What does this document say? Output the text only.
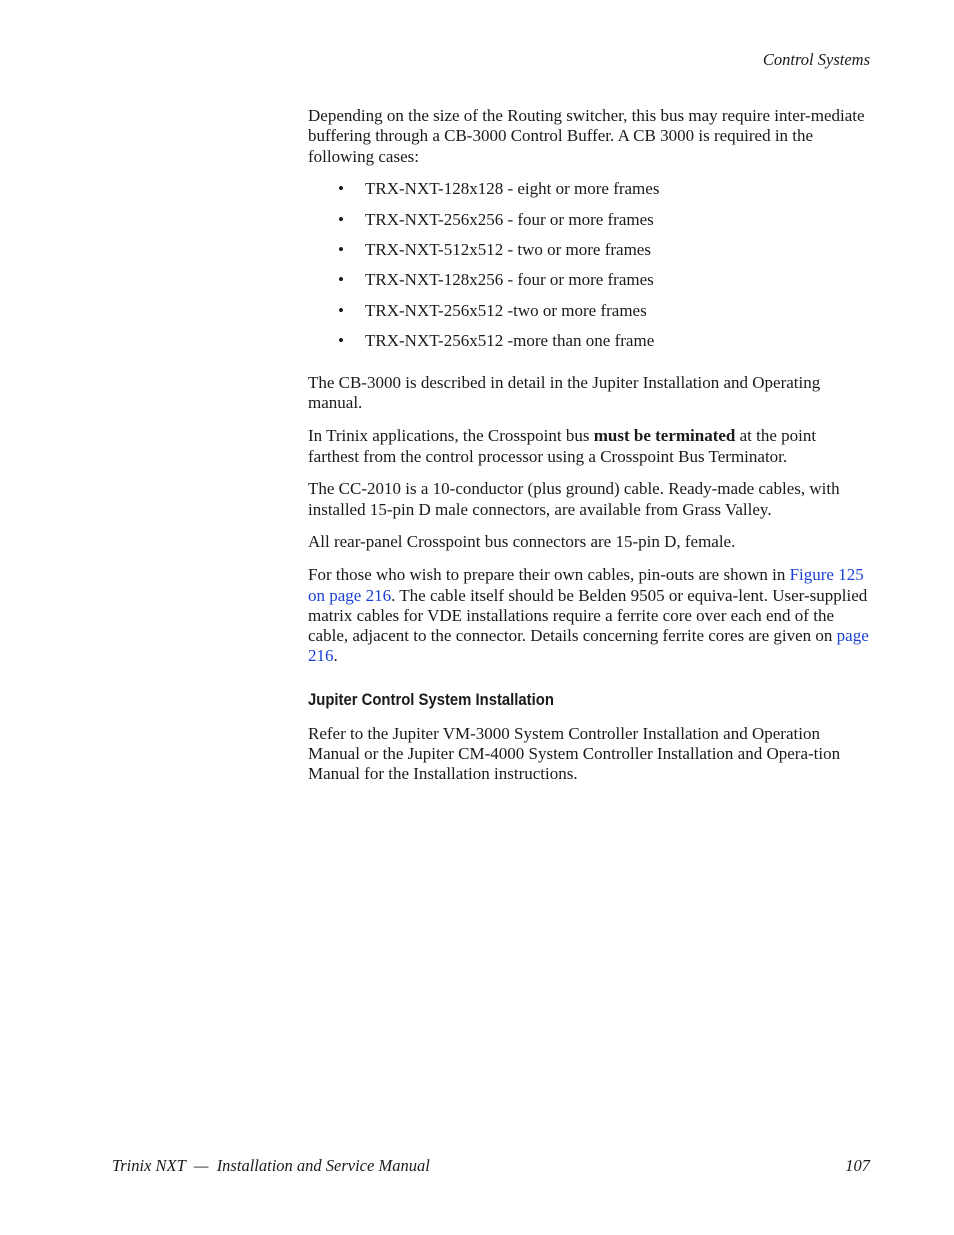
Control Systems

Depending on the size of the Routing switcher, this bus may require inter-mediate buffering through a CB-3000 Control Buffer. A CB 3000 is required in the following cases:

• TRX-NXT-128x128 - eight or more frames
• TRX-NXT-256x256 - four or more frames
• TRX-NXT-512x512 - two or more frames
• TRX-NXT-128x256 - four or more frames
• TRX-NXT-256x512 -two or more frames
• TRX-NXT-256x512 -more than one frame

The CB-3000 is described in detail in the Jupiter Installation and Operating manual.

In Trinix applications, the Crosspoint bus must be terminated at the point farthest from the control processor using a Crosspoint Bus Terminator.

The CC-2010 is a 10-conductor (plus ground) cable. Ready-made cables, with installed 15-pin D male connectors, are available from Grass Valley.

All rear-panel Crosspoint bus connectors are 15-pin D, female.

For those who wish to prepare their own cables, pin-outs are shown in Figure 125 on page 216. The cable itself should be Belden 9505 or equiva-lent. User-supplied matrix cables for VDE installations require a ferrite core over each end of the cable, adjacent to the connector. Details concerning ferrite cores are given on page 216.

Jupiter Control System Installation

Refer to the Jupiter VM-3000 System Controller Installation and Operation Manual or the Jupiter CM-4000 System Controller Installation and Opera-tion Manual for the Installation instructions.

Trinix NXT  —  Installation and Service Manual	107
